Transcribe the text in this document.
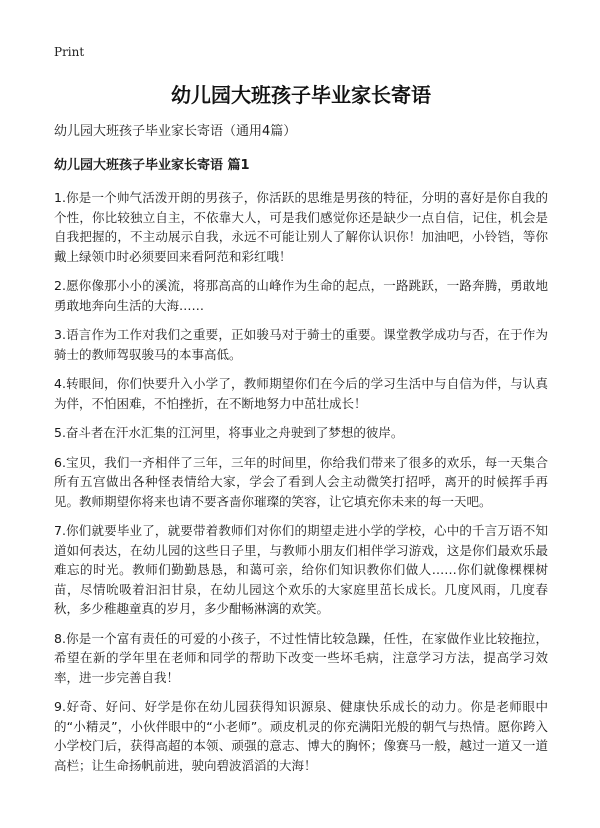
Print
幼儿园大班孩子毕业家长寄语
幼儿园大班孩子毕业家长寄语（通用4篇）
幼儿园大班孩子毕业家长寄语 篇1

1.你是一个帅气活泼开朗的男孩子，你活跃的思维是男孩的特征，分明的喜好是你自我的个性，你比较独立自主，不依靠大人，可是我们感觉你还是缺少一点自信，记住，机会是自我把握的，不主动展示自我，永远不可能让别人了解你认识你！加油吧，小铃铛，等你戴上绿领巾时必须要回来看阿范和彩红哦！

2.愿你像那小小的溪流，将那高高的山峰作为生命的起点，一路跳跃，一路奔腾，勇敢地勇敢地奔向生活的大海……

3.语言作为工作对我们之重要，正如骏马对于骑士的重要。课堂教学成功与否，在于作为骑士的教师驾驭骏马的本事高低。

4.转眼间，你们快要升入小学了，教师期望你们在今后的学习生活中与自信为伴，与认真为伴，不怕困难，不怕挫折，在不断地努力中茁壮成长！

5.奋斗者在汗水汇集的江河里，将事业之舟驶到了梦想的彼岸。

6.宝贝，我们一齐相伴了三年，三年的时间里，你给我们带来了很多的欢乐，每一天集合所有五宫做出各种怪表情给大家，学会了看到人会主动微笑打招呼，离开的时候挥手再见。教师期望你将来也请不要吝啬你璀璨的笑容，让它填充你未来的每一天吧。

7.你们就要毕业了，就要带着教师们对你们的期望走进小学的学校，心中的千言万语不知道如何表达，在幼儿园的这些日子里，与教师小朋友们相伴学习游戏，这是你们最欢乐最难忘的时光。教师们勤勤恳恳，和蔼可亲，给你们知识教你们做人……你们就像棵棵树苗，尽情吮吸着汩汩甘泉，在幼儿园这个欢乐的大家庭里茁长成长。几度风雨，几度春秋，多少稚趣童真的岁月，多少酣畅淋漓的欢笑。

8.你是一个富有责任的可爱的小孩子，不过性情比较急躁，任性，在家做作业比较拖拉，希望在新的学年里在老师和同学的帮助下改变一些坏毛病，注意学习方法，提高学习效率，进一步完善自我！

9.好奇、好问、好学是你在幼儿园获得知识源泉、健康快乐成长的动力。你是老师眼中的“小精灵”，小伙伴眼中的“小老师”。顽皮机灵的你充满阳光般的朝气与热情。愿你跨入小学校门后，获得高超的本领、顽强的意志、博大的胸怀；像赛马一般，越过一道又一道高栏；让生命扬帆前进，驶向碧波滔滔的大海！
